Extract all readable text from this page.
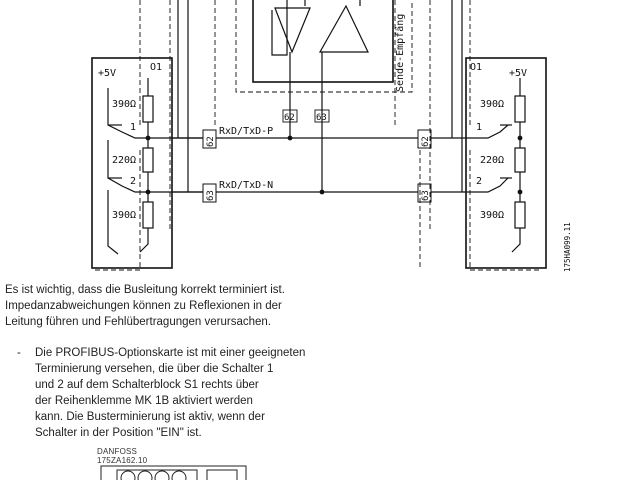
+5V
O1
390Ω
1
220Ω
2
390Ω
O1
+5V
390Ω
1
220Ω
2
390Ω
RxD/TxD-P
RxD/TxD-N
62 63
62
63
62
63
Sende-Empfäng
175HA099.11

Es ist wichtig, dass die Busleitung korrekt terminiert ist.

Impedanzabweichungen können zu Reflexionen in der

Leitung führen und Fehlübertragungen verursachen.

- Die PROFIBUS-Optionskarte ist mit einer geeigneten

Terminierung versehen, die über die Schalter 1

und 2 auf dem Schalterblock S1 rechts über

der Reihenklemme MK 1B aktiviert werden

kann. Die Busterminierung ist aktiv, wenn der

Schalter in der Position "EIN" ist.

DANFOSS
175ZA162.10
